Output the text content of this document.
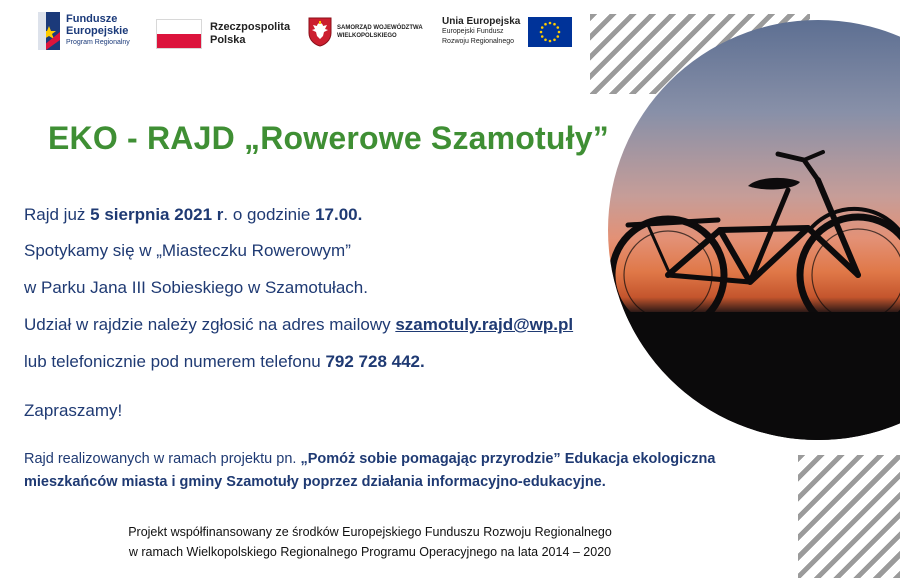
Fundusze
Europejskie
Program Regionalny
Rzeczpospolita
Polska
SAMORZĄD WOJEWÓDZTWA
WIELKOPOLSKIEGO
Unia Europejska
Europejski Fundusz
Rozwoju Regionalnego
EKO - RAJD „Rowerowe Szamotuły”
Rajd już 5 sierpnia 2021 r. o godzinie 17.00.
Spotykamy się w „Miasteczku Rowerowym”
w Parku Jana III Sobieskiego w Szamotułach.
Udział w rajdzie należy zgłosić na adres mailowy szamotuly.rajd@wp.pl
lub telefonicznie pod numerem telefonu 792 728 442.
Zapraszamy!
Rajd realizowanych w ramach projektu pn. „Pomóż sobie pomagając przyrodzie” Edukacja ekologiczna mieszkańców miasta i gminy Szamotuły poprzez działania informacyjno-edukacyjne.
Projekt współfinansowany ze środków Europejskiego Funduszu Rozwoju Regionalnego
w ramach Wielkopolskiego Regionalnego Programu Operacyjnego na lata 2014 – 2020
